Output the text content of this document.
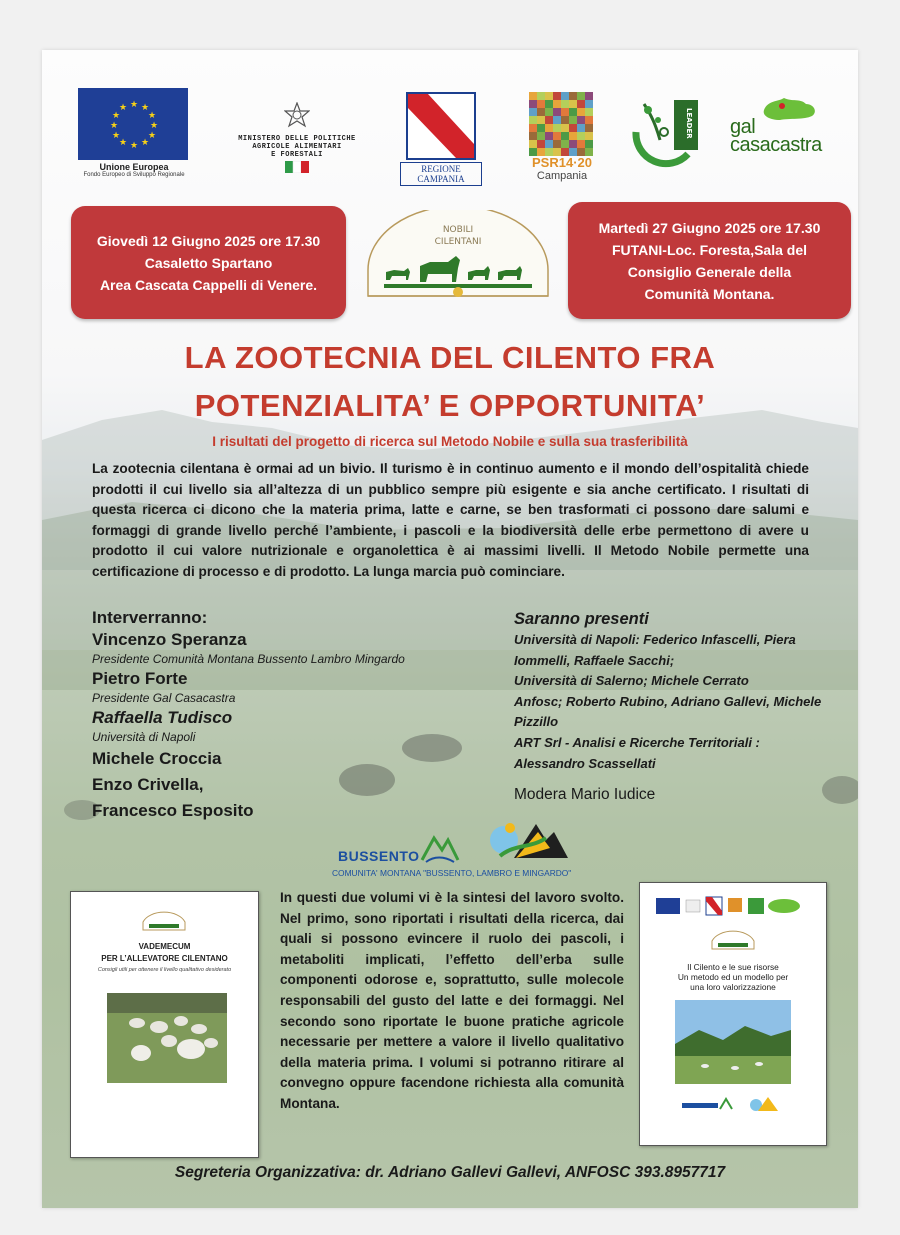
★ ★
★
★
★
★
★
★
★
★
★
★
Unione Europea
Fondo Europeo di Sviluppo Regionale
MINISTERO DELLE POLITICHE
AGRICOLE ALIMENTARI
E FORESTALI
REGIONE CAMPANIA
PSR14·20
Campania
LEADER gal
casacastra
Giovedì 12 Giugno 2025 ore 17.30
Casaletto Spartano
Area Cascata Cappelli di Venere.
NOBILI
CILENTANI
Martedì 27 Giugno 2025 ore 17.30
FUTANI-Loc. Foresta,Sala del
Consiglio Generale della
Comunità Montana.
LA ZOOTECNIA DEL CILENTO FRA
POTENZIALITA’ E OPPORTUNITA’
I risultati del progetto di ricerca sul Metodo Nobile e sulla sua trasferibilità
La zootecnia cilentana è ormai ad un bivio. Il turismo è in continuo aumento e il mondo dell’ospitalità chiede prodotti il cui livello sia all’altezza di un pubblico sempre più esigente e sia anche certificato. I risultati di questa ricerca ci dicono che la materia prima, latte e carne, se ben trasformati ci possono dare salumi e formaggi di grande livello perché l’ambiente, i pascoli e la biodiversità delle erbe permettono di avere u prodotto il cui valore nutrizionale e organolettica è ai massimi livelli. Il Metodo Nobile permette una certificazione di processo e di prodotto. La lunga marcia può cominciare.
Interverranno:
Vincenzo Speranza
Presidente Comunità Montana Bussento Lambro Mingardo
Pietro Forte
Presidente Gal Casacastra
Raffaella Tudisco
Università di Napoli
Michele Croccia
Enzo Crivella,
Francesco Esposito
Saranno presenti
Università di Napoli: Federico Infascelli, Piera
Iommelli, Raffaele Sacchi;
Università di Salerno; Michele Cerrato
Anfosc; Roberto Rubino, Adriano Gallevi, Michele
Pizzillo
ART Srl - Analisi e Ricerche Territoriali :
Alessandro Scassellati
Modera Mario Iudice
BUSSENTO
COMUNITA' MONTANA "BUSSENTO, LAMBRO E MINGARDO"
VADEMECUM
PER L’ALLEVATORE CILENTANO
Consigli utili per ottenere il livello qualitativo desiderato
In questi due volumi vi è la sintesi del lavoro svolto. Nel primo, sono riportati i risultati della ricerca, dai quali si possono evincere il ruolo dei pascoli, i metaboliti implicati, l’effetto dell’erba sulle componenti odorose e, soprattutto, sulle molecole responsabili del gusto del latte e dei formaggi. Nel secondo sono riportate le buone pratiche agricole necessarie per mettere a valore il livello qualitativo della materia prima. I volumi si potranno ritirare al convegno oppure facendone richiesta alla comunità Montana.
Il Cilento e le sue risorse
Un metodo ed un modello per
una loro valorizzazione
Segreteria Organizzativa: dr. Adriano Gallevi Gallevi, ANFOSC 393.8957717
